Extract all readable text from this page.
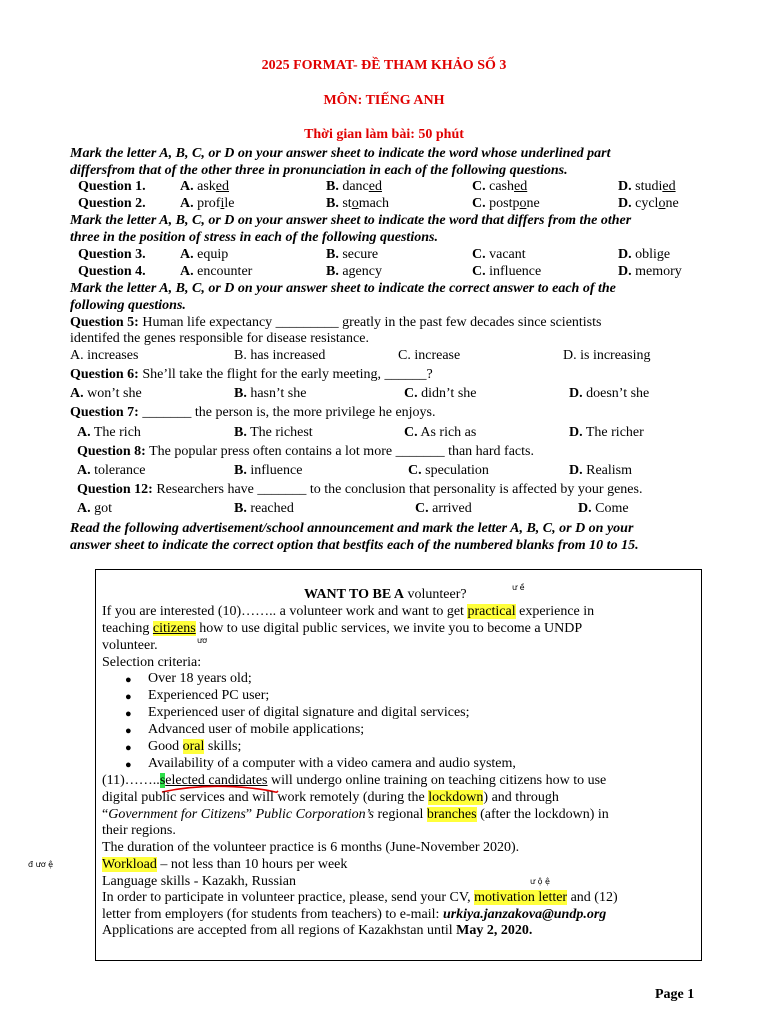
2025 FORMAT- ĐỀ THAM KHẢO SỐ 3
MÔN: TIẾNG ANH
Thời gian làm bài: 50 phút
Mark the letter A, B, C, or D on your answer sheet to indicate the word whose underlined part
differsfrom that of the other three in pronunciation in each of the following questions.
Question 1. A. asked	B. danced	C. cashed	D. studied
Question 2. A. profile	B. stomach	C. postpone	D. cyclone
Mark the letter A, B, C, or D on your answer sheet to indicate the word that differs from the other
three in the position of stress in each of the following questions.
Question 3. A. equip	B. secure	C. vacant	D. oblige
Question 4. A. encounter	B. agency	C. influence	D. memory
Mark the letter A, B, C, or D on your answer sheet to indicate the correct answer to each of the
following questions.
Question 5: Human life expectancy _________ greatly in the past few decades since scientists
identifed the genes responsible for disease resistance.
A. increases	B. has increased	C. increase	D. is increasing
Question 6: She’ll take the flight for the early meeting, ______?
A. won’t she	B. hasn’t she	C. didn’t she	D. doesn’t she
Question 7: _______ the person is, the more privilege he enjoys.
A. The rich	B. The richest	C. As rich as	D. The richer
Question 8: The popular press often contains a lot more _______ than hard facts.
A. tolerance	B. influence	C. speculation	D. Realism
Question 12: Researchers have _______ to the conclusion that personality is affected by your genes.
A. got	B. reached	C. arrived	D. Come
Read the following advertisement/school announcement and mark the letter A, B, C, or D on your
answer sheet to indicate the correct option that bestfits each of the numbered blanks from 10 to 15.
WANT TO BE A volunteer?	ư ề
If you are interested (10)…….. a volunteer work and want to get practical experience in
teaching citizens how to use digital public services, we invite you to become a UNDP
ươ
volunteer.
Selection criteria:
● Over 18 years old;
● Experienced PC user;
● Experienced user of digital signature and digital services;
● Advanced user of mobile applications;
● Good oral skills;
● Availability of a computer with a video camera and audio system,
(11)……..selected candidates will undergo online training on teaching citizens how to use
digital public services and will work remotely (during the lockdown) and through
“Government for Citizens” Public Corporation’s regional branches (after the lockdown) in
their regions.
The duration of the volunteer practice is 6 months (June-November 2020).
đ ươ ệ	Workload – not less than 10 hours per week
Language skills - Kazakh, Russian	ư ộ ệ
In order to participate in volunteer practice, please, send your CV, motivation letter and (12)
letter from employers (for students from teachers) to e-mail: urkiya.janzakova@undp.org
Applications are accepted from all regions of Kazakhstan until May 2, 2020.
Page 1
